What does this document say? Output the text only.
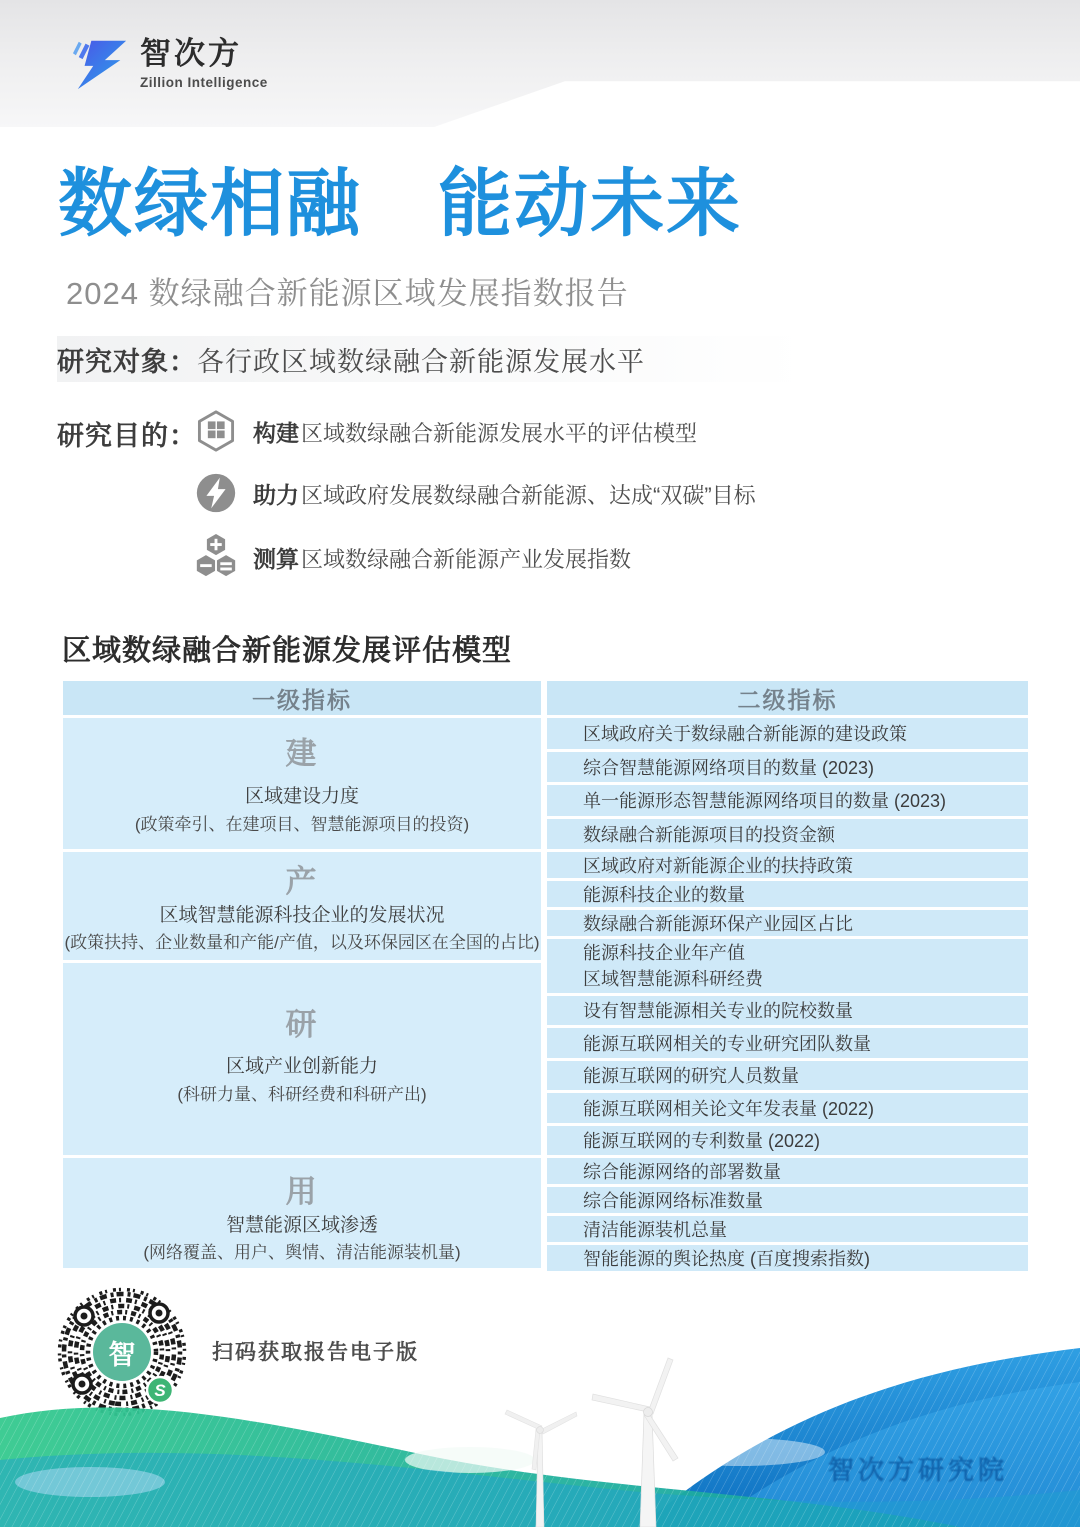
智次方
Zillion Intelligence
数绿相融　能动未来
2024 数绿融合新能源区域发展指数报告
研究对象： 各行政区域数绿融合新能源发展水平
研究目的： 构建区域数绿融合新能源发展水平的评估模型
助力区域政府发展数绿融合新能源、达成“双碳”目标
测算区域数绿融合新能源产业发展指数
区域数绿融合新能源发展评估模型
一级指标	二级指标
建
区域建设力度
(政策牵引、在建项目、智慧能源项目的投资)
区域政府关于数绿融合新能源的建设政策
综合智慧能源网络项目的数量 (2023)
单一能源形态智慧能源网络项目的数量 (2023)
数绿融合新能源项目的投资金额
产
区域智慧能源科技企业的发展状况
(政策扶持、企业数量和产能/产值，以及环保园区在全国的占比)
区域政府对新能源企业的扶持政策
能源科技企业的数量
数绿融合新能源环保产业园区占比
能源科技企业年产值
研
区域产业创新能力
(科研力量、科研经费和科研产出)
区域智慧能源科研经费
设有智慧能源相关专业的院校数量
能源互联网相关的专业研究团队数量
能源互联网的研究人员数量
能源互联网相关论文年发表量 (2022)
能源互联网的专利数量 (2022)
用
智慧能源区域渗透
(网络覆盖、用户、舆情、清洁能源装机量)
综合能源网络的部署数量
综合能源网络标准数量
清洁能源装机总量
智能能源的舆论热度 (百度搜索指数)
S
智	扫码获取报告电子版
智次方研究院
